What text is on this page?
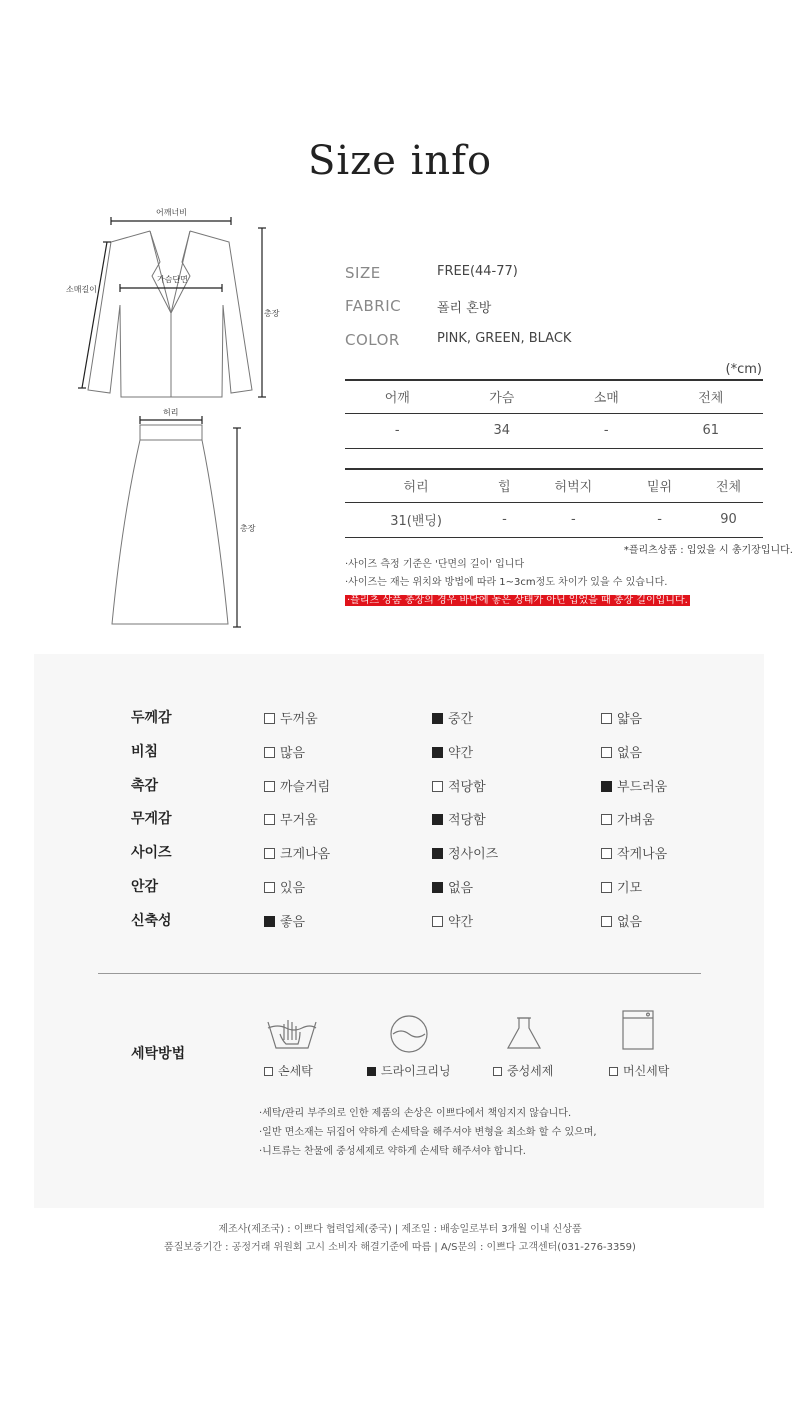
Size info
어깨너비
가슴단면
소매길이
총장
허리
총장
SIZE	FREE(44-77)
FABRIC	폴리 혼방
COLOR	PINK, GREEN, BLACK
(*cm)
어깨	가슴	소매	전체
-	34	-	61
허리	힙	허벅지	밑위	전체
31(밴딩)	-	-	-	90
*플리츠상품 : 입었을 시 총기장입니다.
·사이즈 측정 기준은 '단면의 길이' 입니다
·사이즈는 재는 위치와 방법에 따라 1~3cm정도 차이가 있을 수 있습니다.
·플리츠 상품 총장의 경우 바닥에 놓은 상태가 아닌 입었을 때 총장 길이입니다.
두께감	두꺼움	중간	얇음
비침	많음	약간	없음
촉감	까슬거림	적당함	부드러움
무게감	무거움	적당함	가벼움
사이즈	크게나옴	정사이즈	작게나옴
안감	있음	없음	기모
신축성	좋음	약간	없음
세탁방법
손세탁	드라이크리닝	중성세제	머신세탁
·세탁/관리 부주의로 인한 제품의 손상은 이쁘다에서 책임지지 않습니다.
·일반 면소재는 뒤집어 약하게 손세탁을 해주셔야 변형을 최소화 할 수 있으며,
·니트류는 찬물에 중성세제로 약하게 손세탁 해주셔야 합니다.
제조사(제조국) : 이쁘다 협력업체(중국) | 제조일 : 배송일로부터 3개월 이내 신상품
품질보증기간 : 공정거래 위원회 고시 소비자 해결기준에 따름 | A/S문의 : 이쁘다 고객센터(031-276-3359)
